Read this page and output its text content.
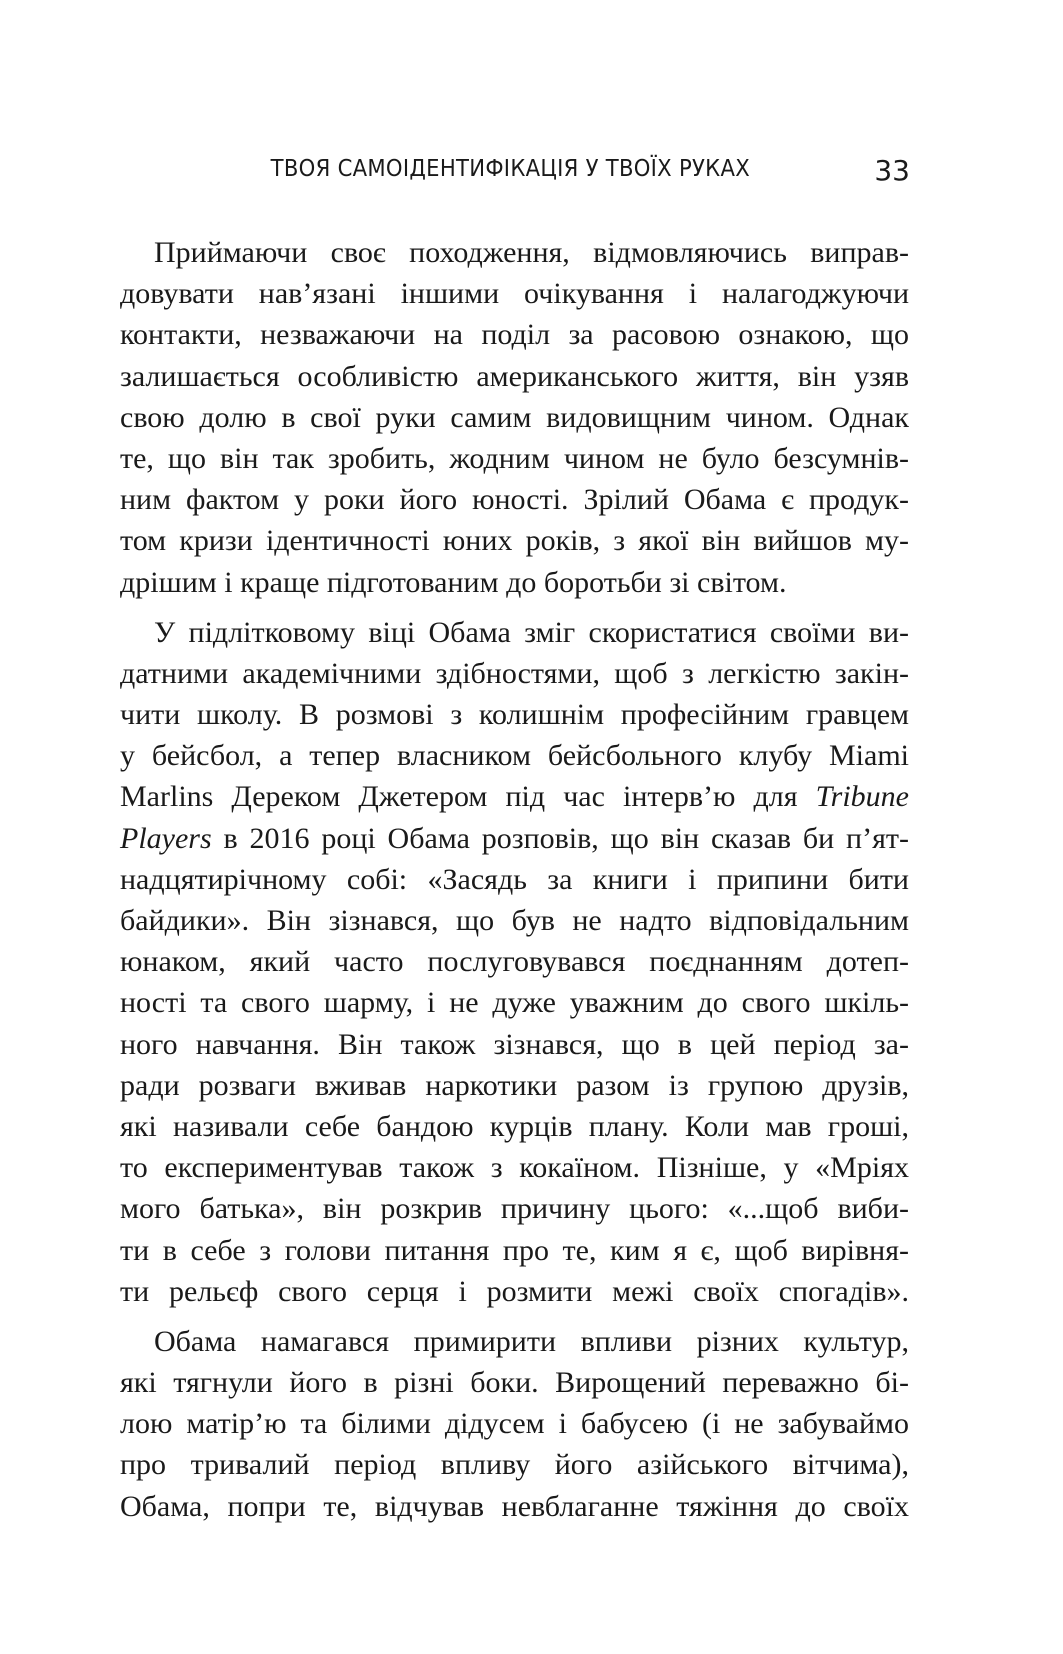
ТВОЯ САМОІДЕНТИФІКАЦІЯ У ТВОЇХ РУКАХ	33
Приймаючи своє походження, відмовляючись виправ-
довувати нав’язані іншими очікування і налагоджуючи
контакти, незважаючи на поділ за расовою ознакою, що
залишається особливістю американського життя, він узяв
свою долю в свої руки самим видовищним чином. Однак
те, що він так зробить, жодним чином не було безсумнів-
ним фактом у роки його юності. Зрілий Обама є продук-
том кризи ідентичності юних років, з якої він вийшов му-
дрішим і краще підготованим до боротьби зі світом.
У підлітковому віці Обама зміг скористатися своїми ви-
датними академічними здібностями, щоб з легкістю закін-
чити школу. В розмові з колишнім професійним гравцем
у бейсбол, а тепер власником бейсбольного клубу Miami
Marlins Дереком Джетером під час інтерв’ю для Tribune
Players в 2016 році Обама розповів, що він сказав би п’ят-
надцятирічному собі: «Засядь за книги і припини бити
байдики». Він зізнався, що був не надто відповідальним
юнаком, який часто послуговувався поєднанням дотеп-
ності та свого шарму, і не дуже уважним до свого шкіль-
ного навчання. Він також зізнався, що в цей період за-
ради розваги вживав наркотики разом із групою друзів,
які називали себе бандою курців плану. Коли мав гроші,
то експериментував також з кокаїном. Пізніше, у «Мріях
мого батька», він розкрив причину цього: «...щоб виби-
ти в себе з голови питання про те, ким я є, щоб вирівня-
ти рельєф свого серця і розмити межі своїх спогадів».
Обама намагався примирити впливи різних культур,
які тягнули його в різні боки. Вирощений переважно бі-
лою матір’ю та білими дідусем і бабусею (і не забуваймо
про тривалий період впливу його азійського вітчима),
Обама, попри те, відчував невблаганне тяжіння до своїх
